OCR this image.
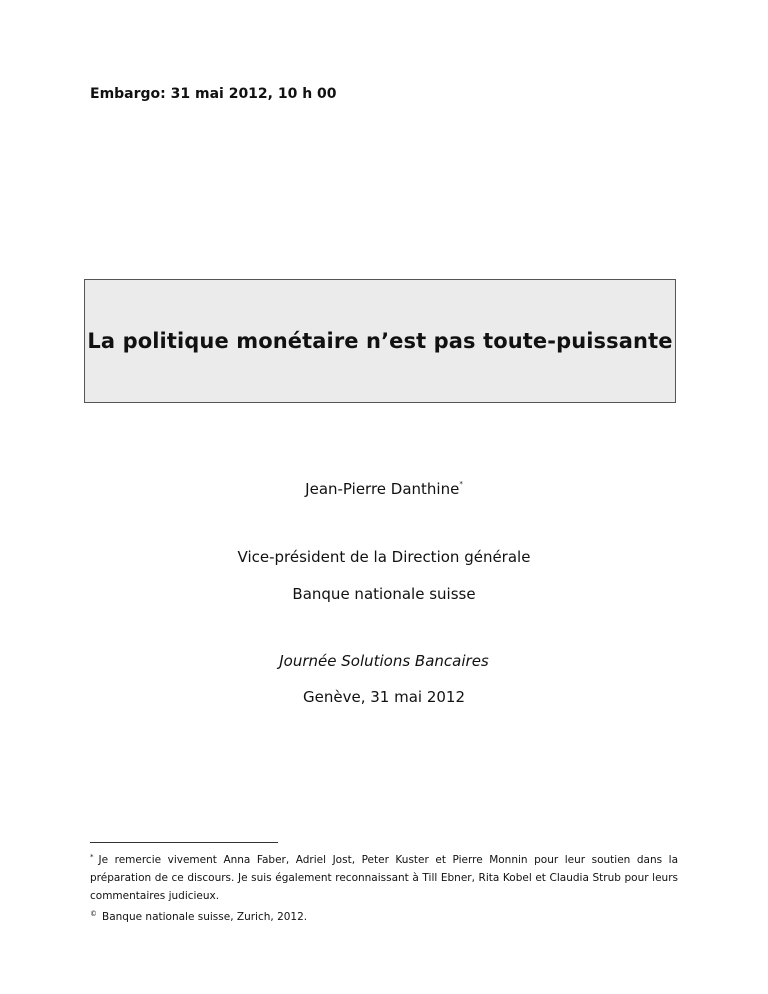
Embargo: 31 mai 2012, 10 h 00
La politique monétaire n’est pas toute-puissante
Jean-Pierre Danthine*
Vice-président de la Direction générale
Banque nationale suisse
Journée Solutions Bancaires
Genève, 31 mai 2012
* Je remercie vivement Anna Faber, Adriel Jost, Peter Kuster et Pierre Monnin pour leur soutien dans la préparation de ce discours. Je suis également reconnaissant à Till Ebner, Rita Kobel et Claudia Strub pour leurs commentaires judicieux.
© Banque nationale suisse, Zurich, 2012.
